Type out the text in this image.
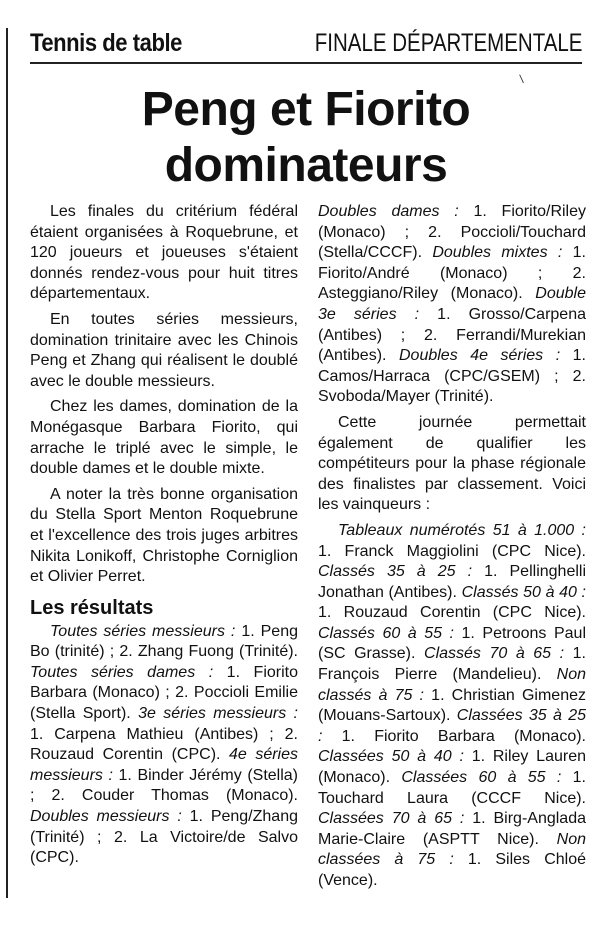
/
Tennis de table	FINALE DÉPARTEMENTALE
Peng et Fiorito
dominateurs

Les finales du critérium fédéral étaient organisées à Roquebrune, et 120 joueurs et joueuses s'étaient donnés rendez-vous pour huit titres départementaux.

En toutes séries messieurs, domination trinitaire avec les Chinois Peng et Zhang qui réalisent le doublé avec le double messieurs.

Chez les dames, domination de la Monégasque Barbara Fiorito, qui arrache le triplé avec le simple, le double dames et le double mixte.

A noter la très bonne organisation du Stella Sport Menton Roquebrune et l'excellence des trois juges arbitres Nikita Lonikoff, Christophe Corniglion et Olivier Perret.

Les résultats

Toutes séries messieurs : 1. Peng Bo (trinité) ; 2. Zhang Fuong (Trinité). Toutes séries dames : 1. Fiorito Barbara (Monaco) ; 2. Poccioli Emilie (Stella Sport). 3e séries messieurs : 1. Carpena Mathieu (Antibes) ; 2. Rouzaud Corentin (CPC). 4e séries messieurs : 1. Binder Jérémy (Stella) ; 2. Couder Thomas (Monaco). Doubles messieurs : 1. Peng/Zhang (Trinité) ; 2. La Victoire/de Salvo (CPC).

Doubles dames : 1. Fiorito/Riley (Monaco) ; 2. Poccioli/Touchard (Stella/CCCF). Doubles mixtes : 1. Fiorito/André (Monaco) ; 2. Asteggiano/Riley (Monaco). Double 3e séries : 1. Grosso/Carpena (Antibes) ; 2. Ferrandi/Murekian (Antibes). Doubles 4e séries : 1. Camos/Harraca (CPC/GSEM) ; 2. Svoboda/Mayer (Trinité).

Cette journée permettait également de qualifier les compétiteurs pour la phase régionale des finalistes par classement. Voici les vainqueurs :

Tableaux numérotés 51 à 1.000 : 1. Franck Maggiolini (CPC Nice). Classés 35 à 25 : 1. Pellinghelli Jonathan (Antibes). Classés 50 à 40 : 1. Rouzaud Corentin (CPC Nice). Classés 60 à 55 : 1. Petroons Paul (SC Grasse). Classés 70 à 65 : 1. François Pierre (Mandelieu). Non classés à 75 : 1. Christian Gimenez (Mouans-Sartoux). Classées 35 à 25 : 1. Fiorito Barbara (Monaco). Classées 50 à 40 : 1. Riley Lauren (Monaco). Classées 60 à 55 : 1. Touchard Laura (CCCF Nice). Classées 70 à 65 : 1. Birg-Anglada Marie-Claire (ASPTT Nice). Non classées à 75 : 1. Siles Chloé (Vence).
